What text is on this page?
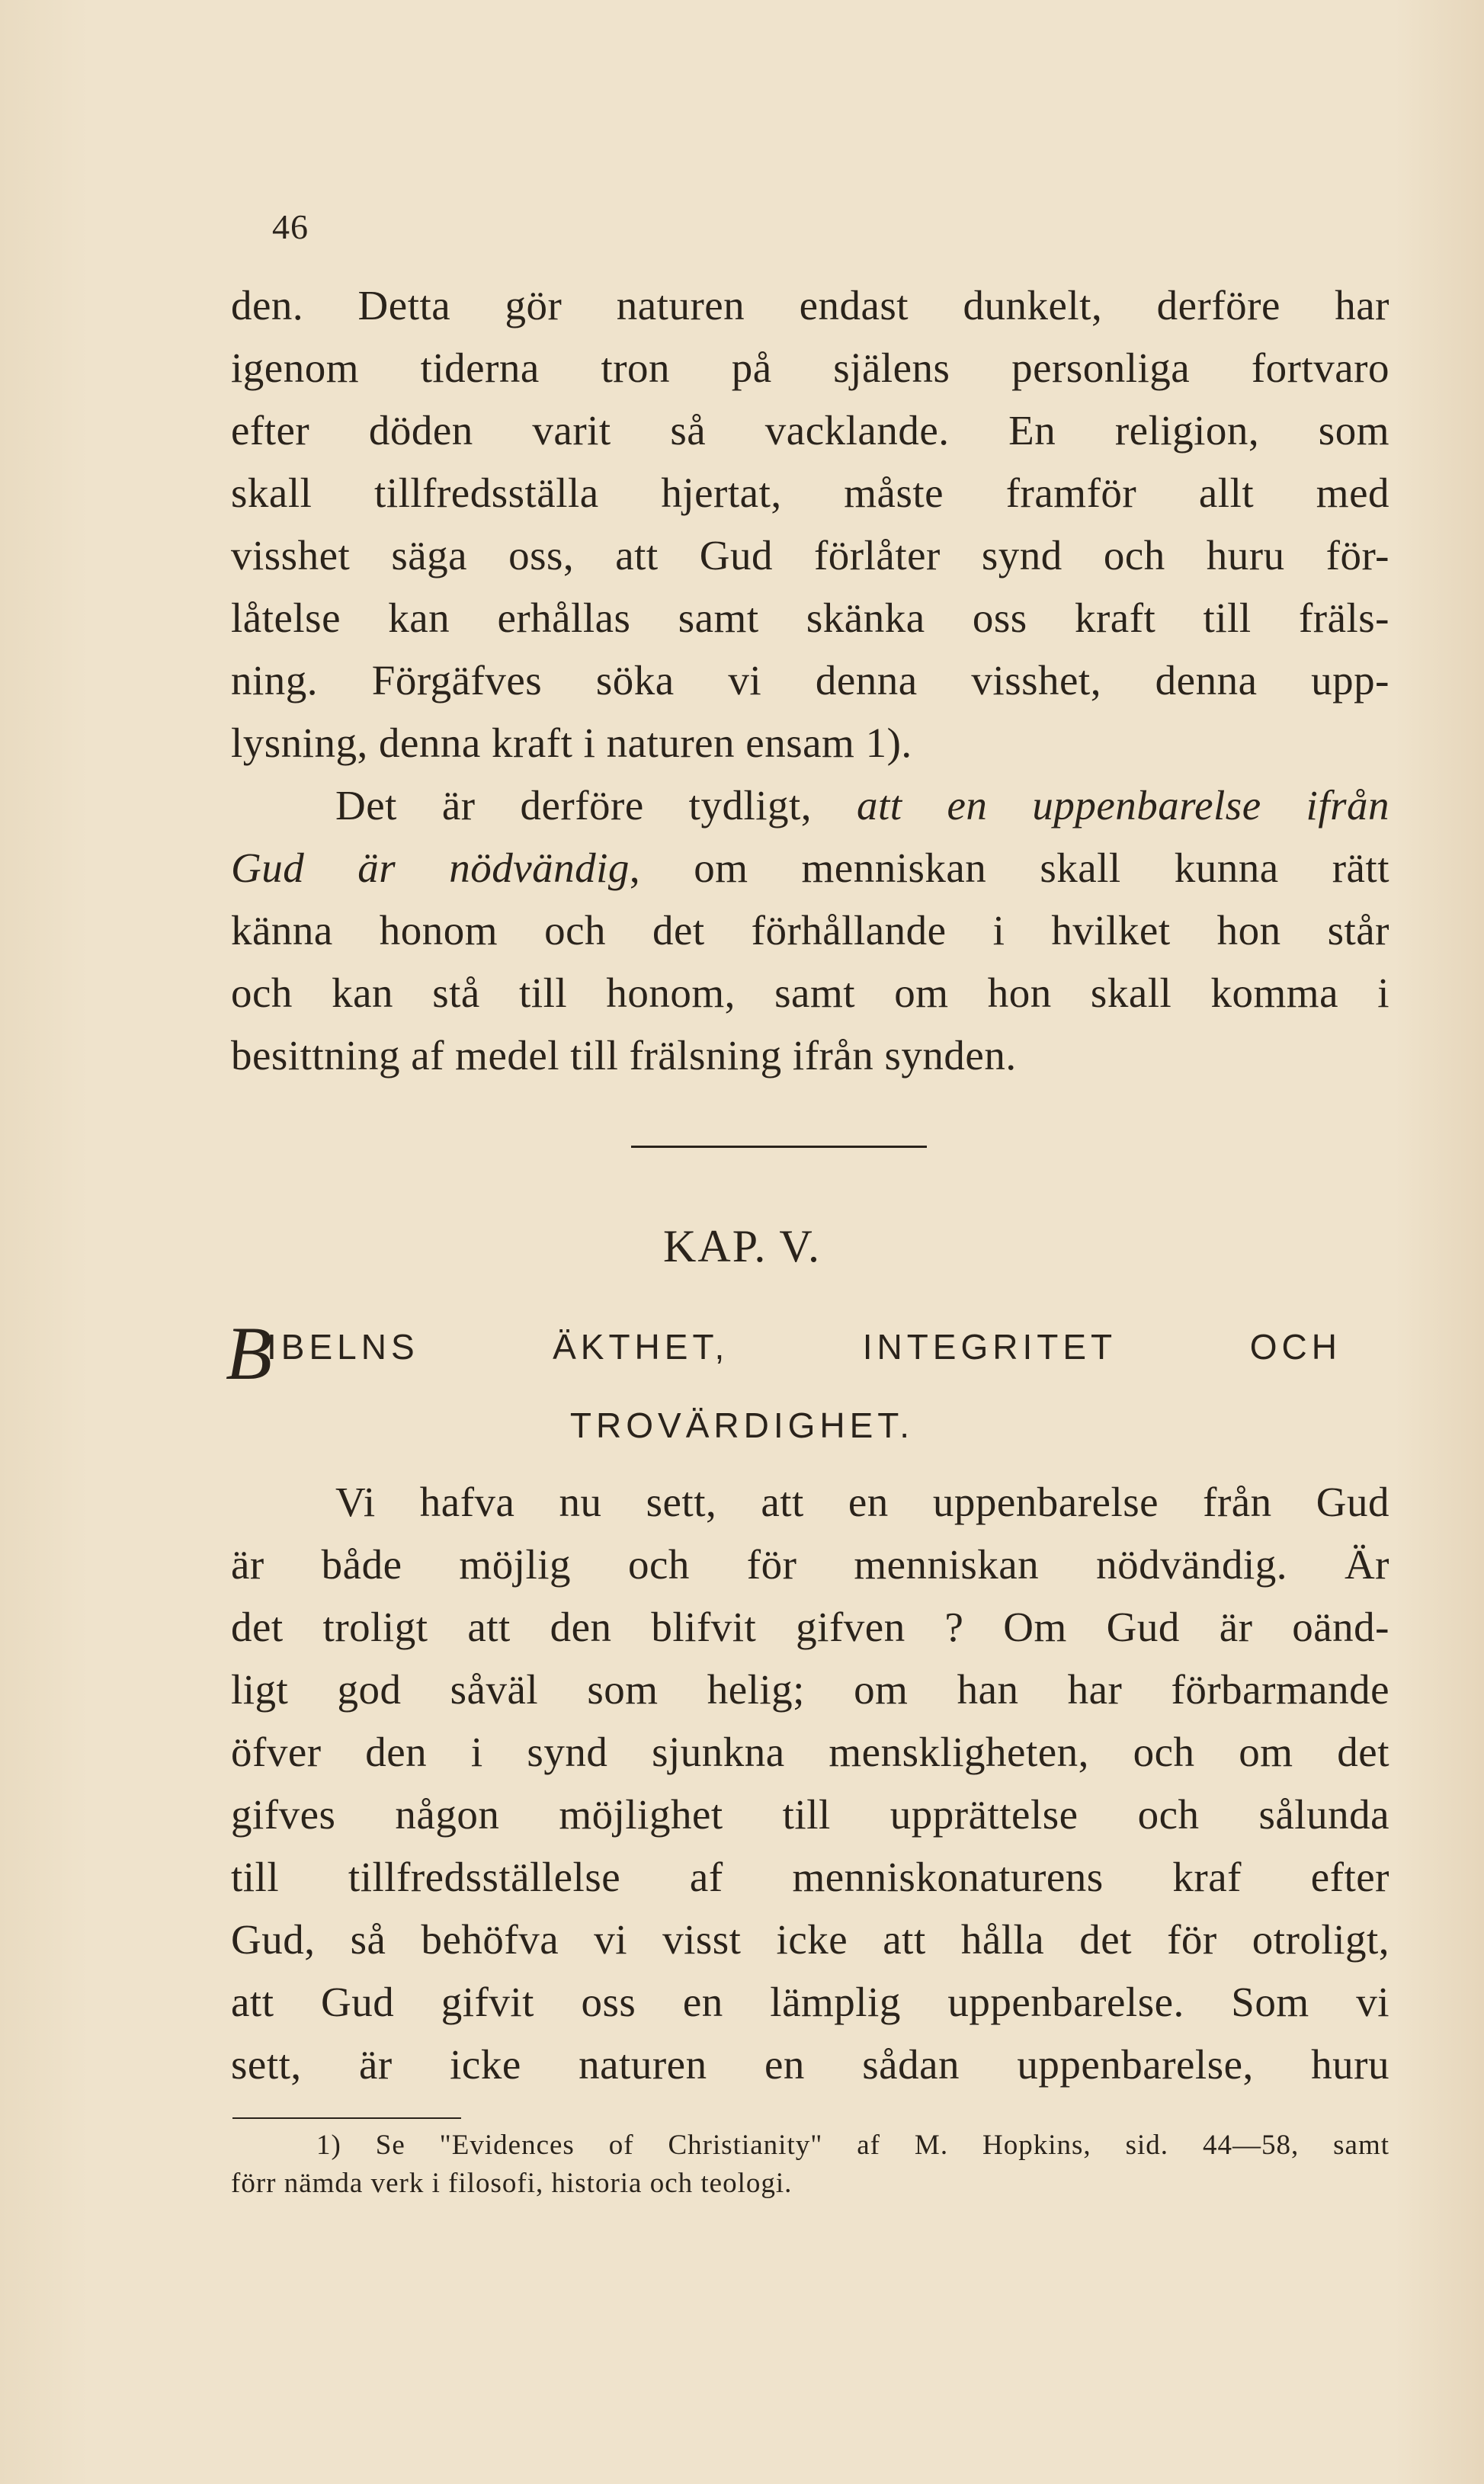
46
den. Detta gör naturen endast dunkelt, derföre har
igenom tiderna tron på själens personliga fortvaro
efter döden varit så vacklande. En religion, som
skall tillfredsställa hjertat, måste framför allt med
visshet säga oss, att Gud förlåter synd och huru för-
låtelse kan erhållas samt skänka oss kraft till fräls-
ning. Förgäfves söka vi denna visshet, denna upp-
lysning, denna kraft i naturen ensam 1).
Det är derföre tydligt, att en uppenbarelse ifrån
Gud är nödvändig, om menniskan skall kunna rätt
känna honom och det förhållande i hvilket hon står
och kan stå till honom, samt om hon skall komma i
besittning af medel till frälsning ifrån synden.
KAP. V.
B
IBELNS ÄKTHET, INTEGRITET OCH
TROVÄRDIGHET.
Vi hafva nu sett, att en uppenbarelse från Gud
är både möjlig och för menniskan nödvändig. Är
det troligt att den blifvit gifven ? Om Gud är oänd-
ligt god såväl som helig; om han har förbarmande
öfver den i synd sjunkna menskligheten, och om det
gifves någon möjlighet till upprättelse och sålunda
till tillfredsställelse af menniskonaturens kraf efter
Gud, så behöfva vi visst icke att hålla det för otroligt,
att Gud gifvit oss en lämplig uppenbarelse. Som vi
sett, är icke naturen en sådan uppenbarelse, huru
1) Se "Evidences of Christianity" af M. Hopkins, sid. 44—58, samt
förr nämda verk i filosofi, historia och teologi.
